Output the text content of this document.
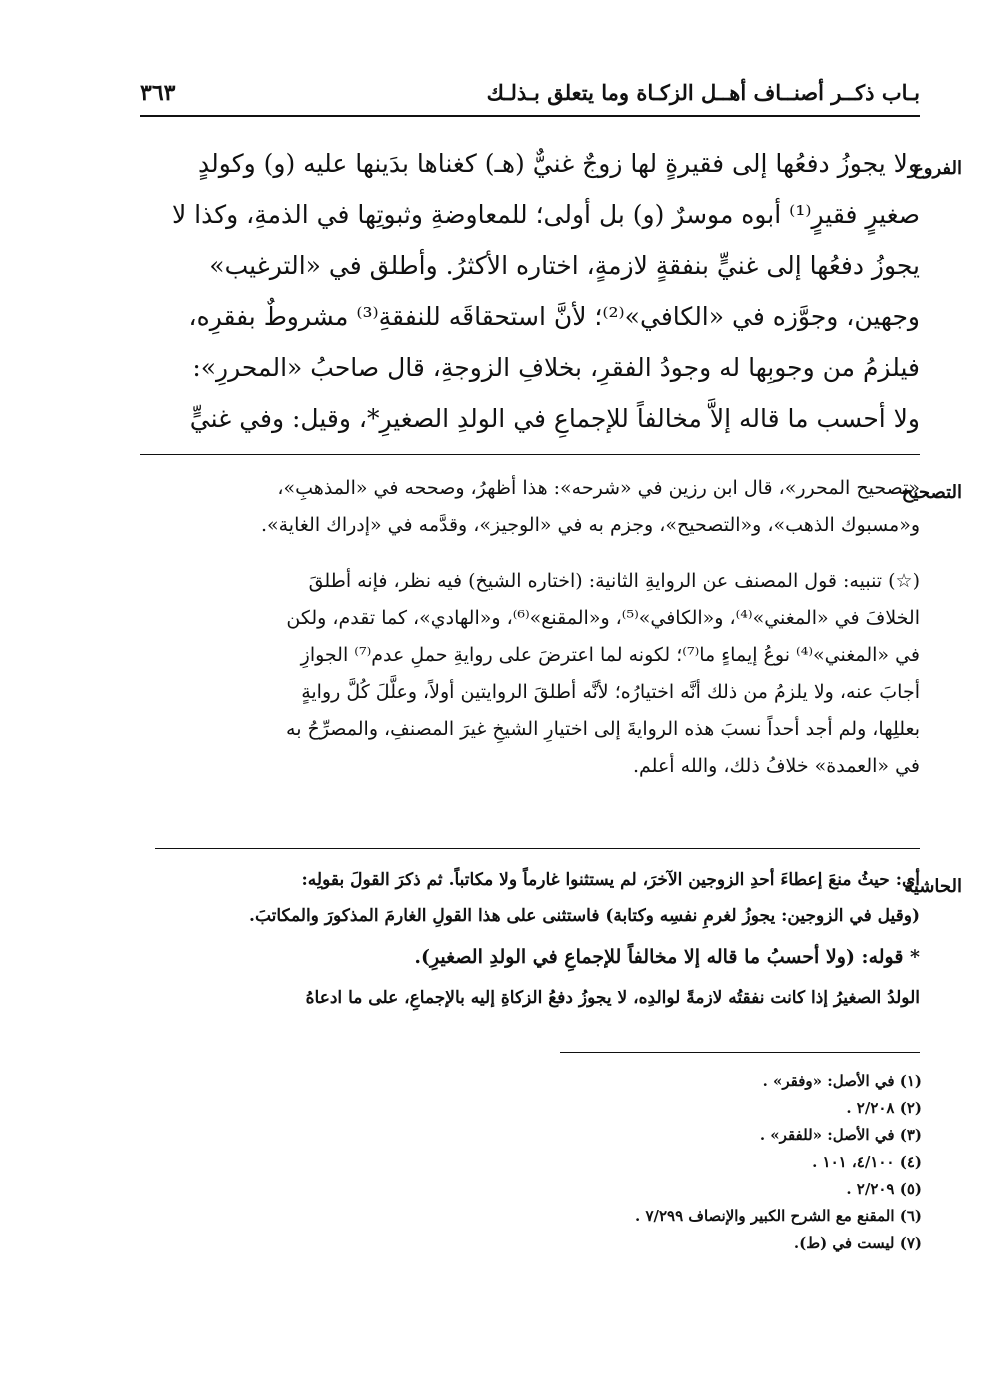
بـاب ذكــر أصنــاف أهــل الزكـاة وما يتعلق بـذلـك
٣٦٣
الفروع

ولا يجوزُ دفعُها إلى فقيرةٍ لها زوجٌ غنيٌّ (هـ) كغناها بدَينها عليه (و) وكولدٍ

صغيرٍ فقيرٍ⁽¹⁾ أبوه موسرٌ (و) بل أولى؛ للمعاوضةِ وثبوتِها في الذمةِ، وكذا لا

يجوزُ دفعُها إلى غنيٍّ بنفقةٍ لازمةٍ، اختاره الأكثرُ. وأطلق في «الترغيب»

وجهين، وجوَّزه في «الكافي»⁽²⁾؛ لأنَّ استحقاقَه للنفقةِ⁽³⁾ مشروطٌ بفقرِه،

فيلزمُ من وجوبِها له وجودُ الفقرِ، بخلافِ الزوجةِ، قال صاحبُ «المحررِ»:

ولا أحسب ما قاله إلاَّ مخالفاً للإجماعِ في الولدِ الصغيرِ*، وقيل: وفي غنيٍّ

التصحيح

«تصحيح المحرر»، قال ابن رزين في «شرحه»: هذا أظهرُ، وصححه في «المذهبِ»،

و«مسبوك الذهب»، و«التصحيح»، وجزم به في «الوجيز»، وقدَّمه في «إدراك الغاية».

(☆) تنبيه: قول المصنف عن الروايةِ الثانية: (اختاره الشيخ) فيه نظر، فإنه أطلقَ

الخلافَ في «المغني»⁽⁴⁾، و«الكافي»⁽⁵⁾، و«المقنع»⁽⁶⁾، و«الهادي»، كما تقدم، ولكن

في «المغني»⁽⁴⁾ نوعُ إيماءٍ ما⁽⁷⁾؛ لكونه لما اعترضَ على روايةِ حملِ عدم⁽⁷⁾ الجوازِ

أجابَ عنه، ولا يلزمُ من ذلك أنَّه اختيارُه؛ لأنَّه أطلقَ الروايتين أولاً، وعلَّلَ كُلَّ روايةٍ

بعللِها، ولم أجد أحداً نسبَ هذه الروايةَ إلى اختيارِ الشيخِ غيرَ المصنفِ، والمصرِّحُ به

في «العمدة» خلافُ ذلك، والله أعلم.

الحاشية

أي: حيثُ منعَ إعطاءَ أحدِ الزوجين الآخرَ، لم يستثنوا غارماً ولا مكاتباً. ثم ذكرَ القولَ بقولِه:

(وقيل في الزوجين: يجوزُ لغرمِ نفسِه وكتابة) فاستثنى على هذا القولِ الغارمَ المذكورَ والمكاتبَ.

* قوله: (ولا أحسبُ ما قاله إلا مخالفاً للإجماعِ في الولدِ الصغيرِ).

الولدُ الصغيرُ إذا كانت نفقتُه لازمةً لوالدِه، لا يجوزُ دفعُ الزكاةِ إليه بالإجماعِ، على ما ادعاهُ

(١) في الأصل: «وفقر» .
(٢) ٢/٢٠٨ .
(٣) في الأصل: «للفقر» .
(٤) ٤/١٠٠، ١٠١ .
(٥) ٢/٢٠٩ .
(٦) المقنع مع الشرح الكبير والإنصاف ٧/٢٩٩ .
(٧) ليست في (ط).
